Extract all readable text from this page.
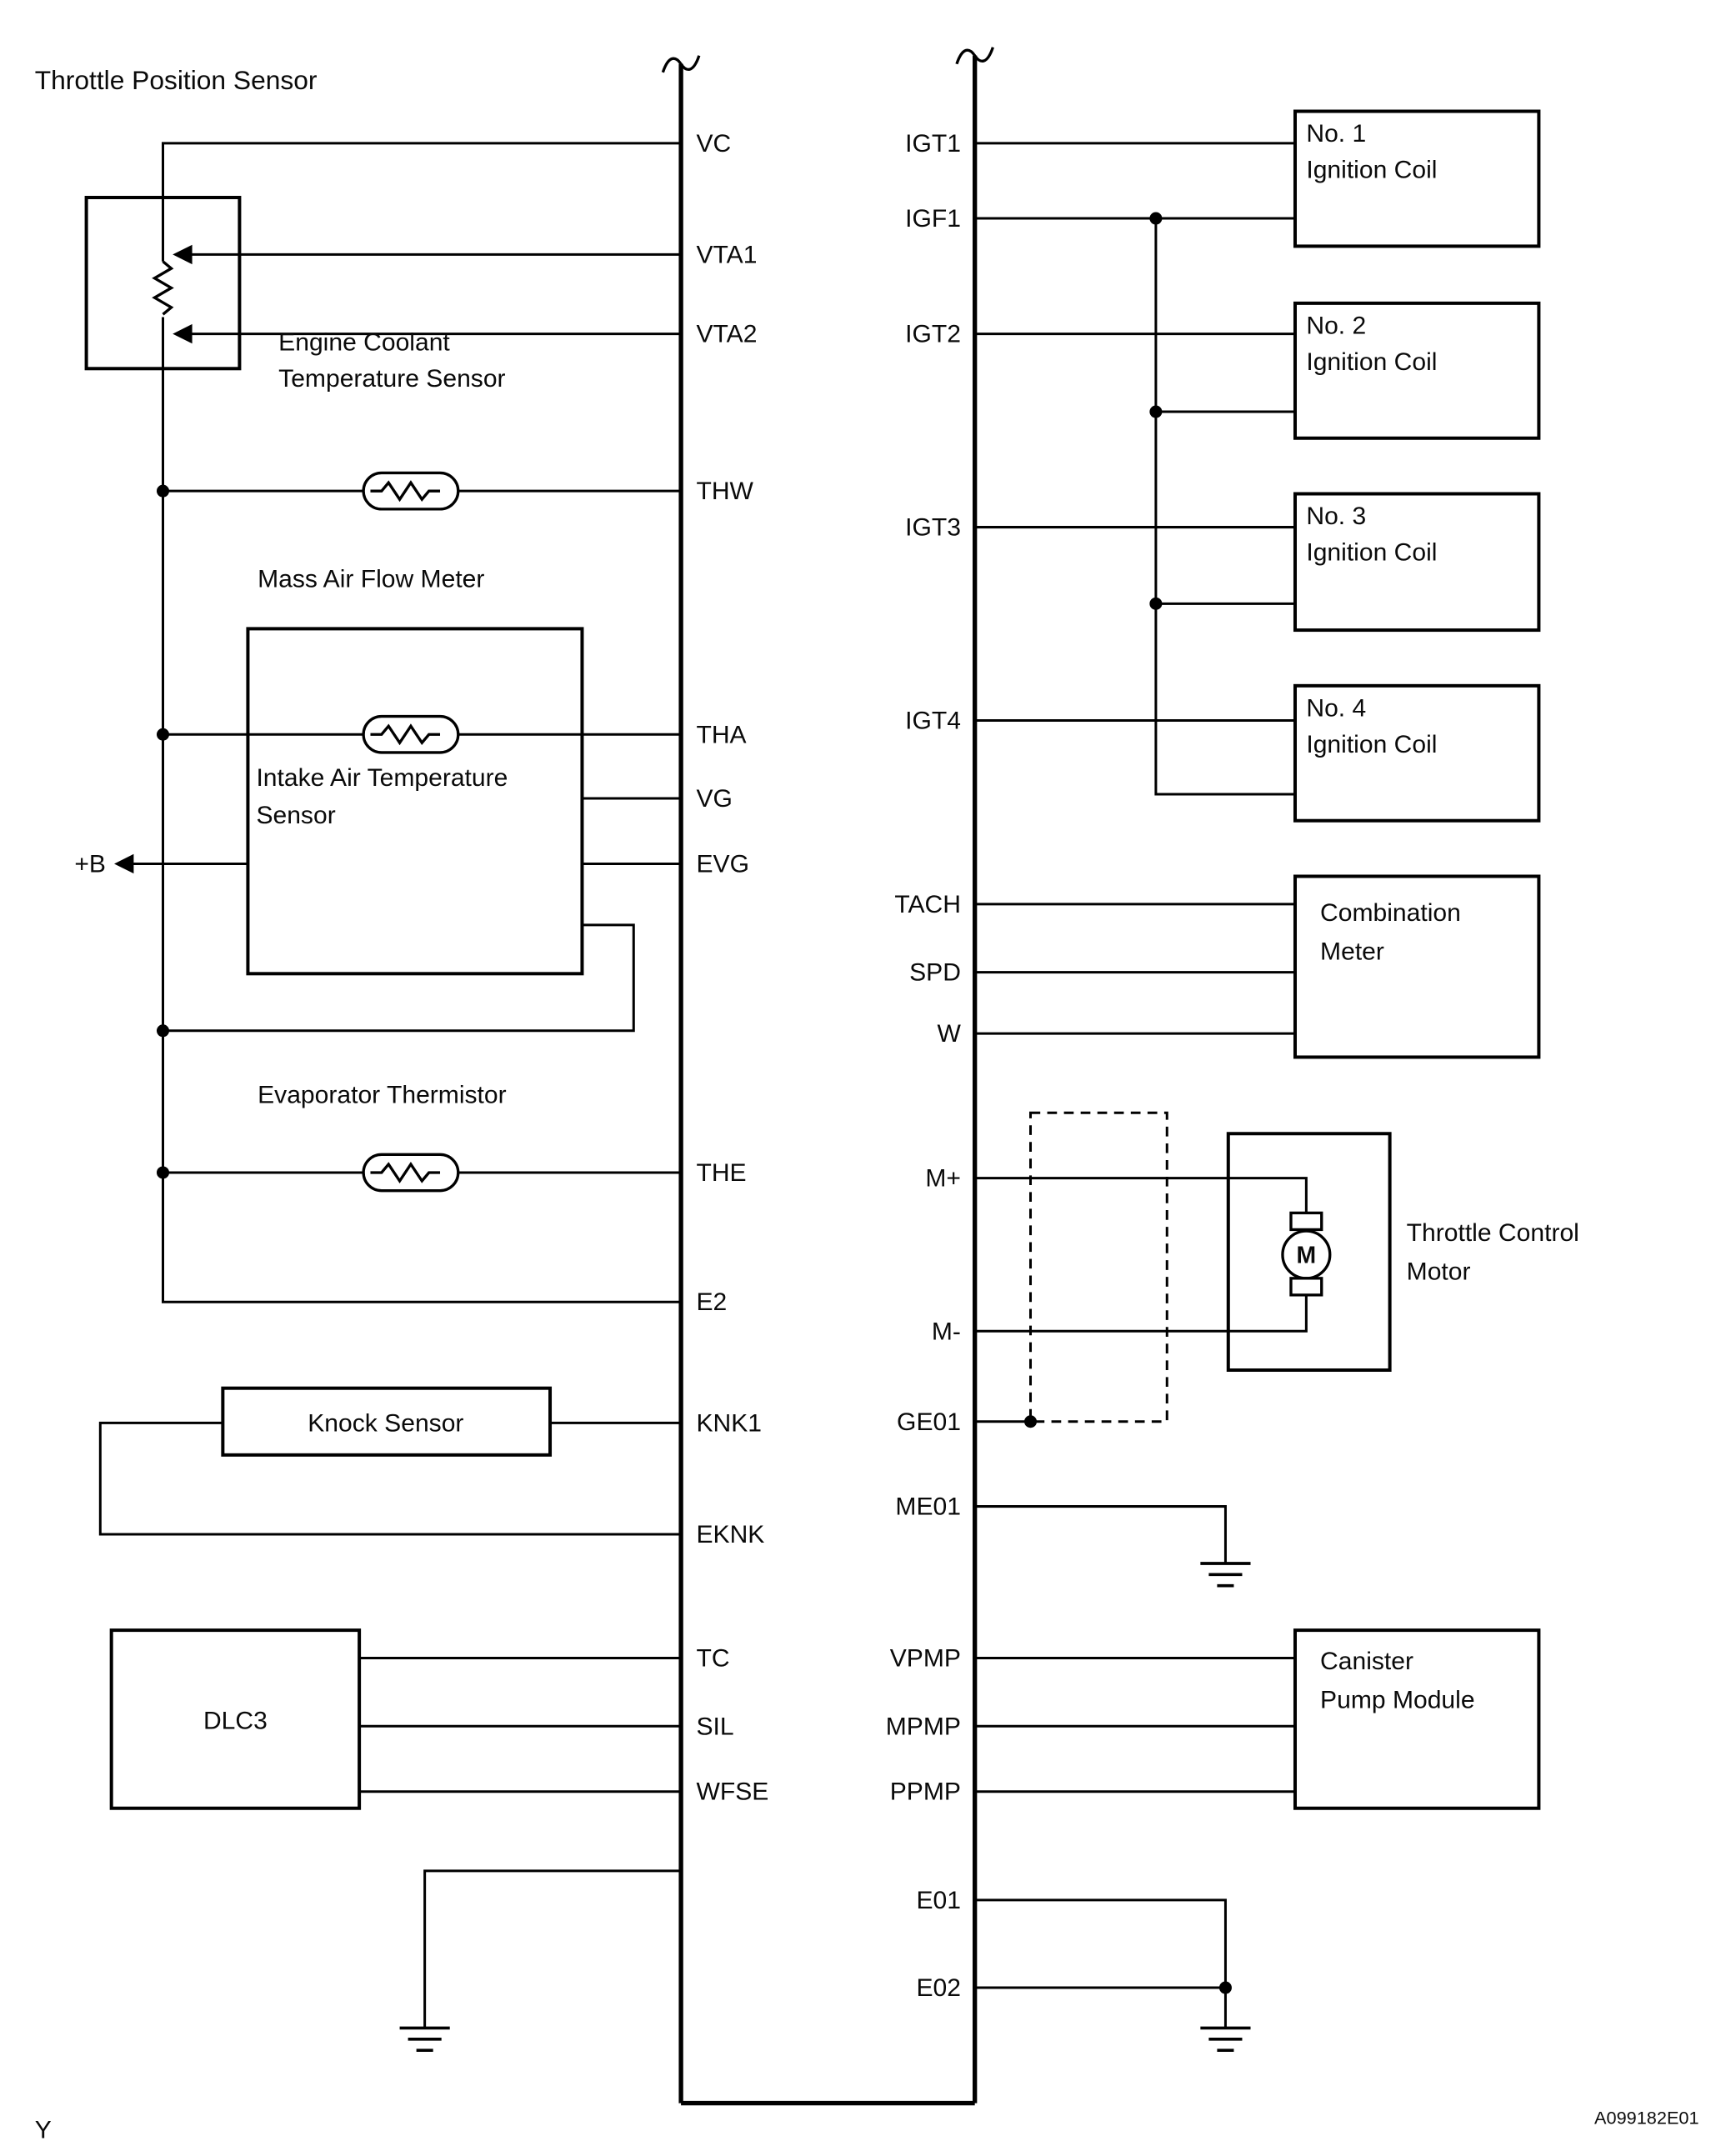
Throttle Position Sensor
Y	A099182E01
VC
VTA1
VTA2
THW
THA
VG
EVG
THE
E2
KNK1
EKNK
TC
SIL
WFSE
IGT1
IGF1
IGT2
IGT3
IGT4
TACH
SPD
W
M+
M-
GE01
ME01
VPMP
MPMP
PPMP
E01
E02
Engine Coolant
Temperature Sensor
Mass Air Flow Meter
Intake Air Temperature
Sensor
+B
Evaporator Thermistor
Knock Sensor
DLC3
No. 1
Ignition Coil
No. 2
Ignition Coil
No. 3
Ignition Coil
No. 4
Ignition Coil
Combination
Meter
M
Throttle Control
Motor
Canister
Pump Module
